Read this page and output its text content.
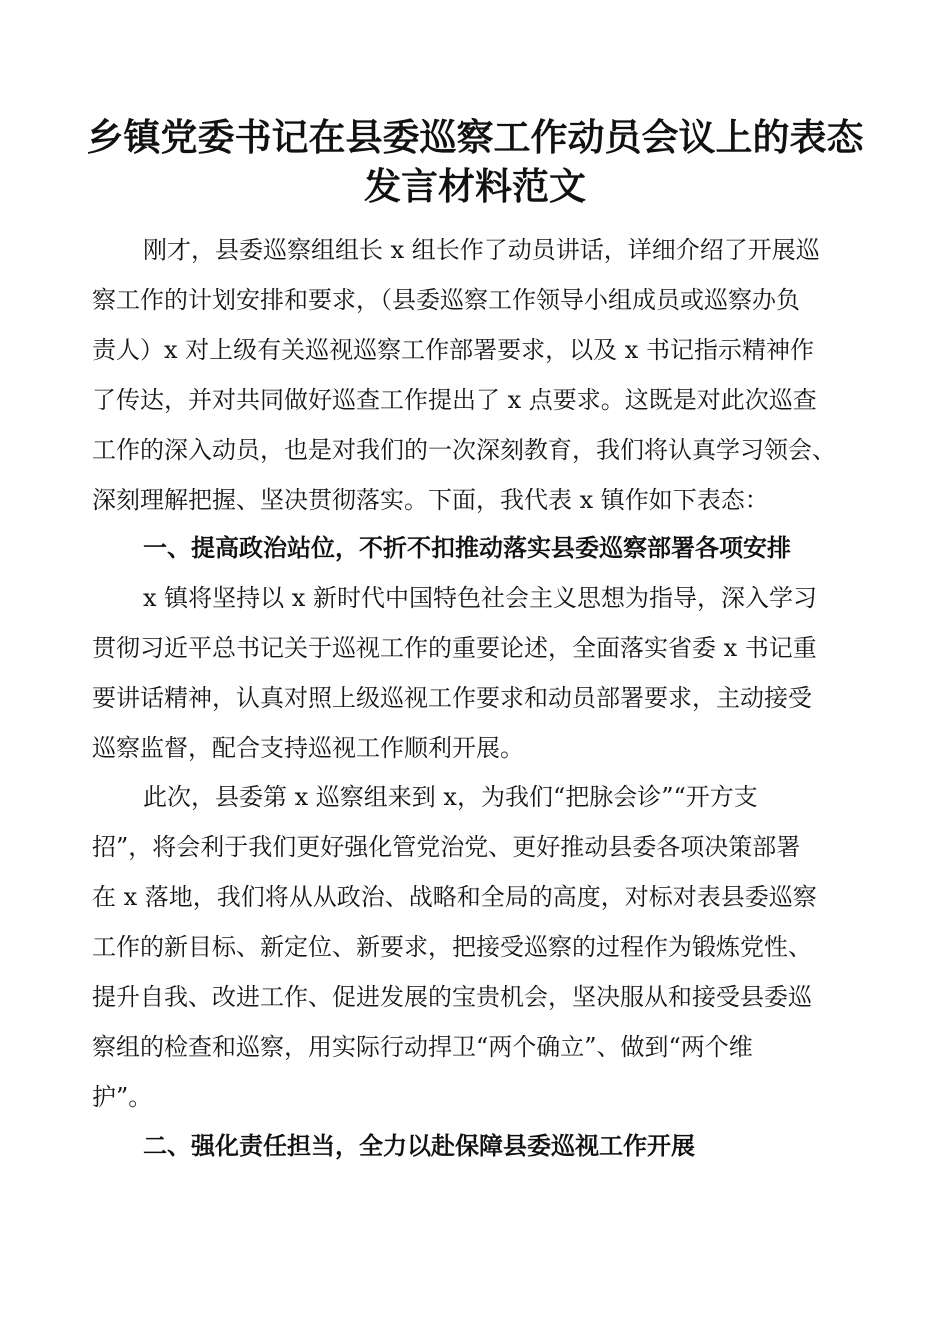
乡镇党委书记在县委巡察工作动员会议上的表态
发言材料范文

刚才，县委巡察组组长 x 组长作了动员讲话，详细介绍了开展巡

察工作的计划安排和要求，（县委巡察工作领导小组成员或巡察办负

责人）x 对上级有关巡视巡察工作部署要求，以及 x 书记指示精神作

了传达，并对共同做好巡查工作提出了 x 点要求。这既是对此次巡查

工作的深入动员，也是对我们的一次深刻教育，我们将认真学习领会、

深刻理解把握、坚决贯彻落实。下面，我代表 x 镇作如下表态：

一、提高政治站位，不折不扣推动落实县委巡察部署各项安排

x 镇将坚持以 x 新时代中国特色社会主义思想为指导，深入学习

贯彻习近平总书记关于巡视工作的重要论述，全面落实省委 x 书记重

要讲话精神，认真对照上级巡视工作要求和动员部署要求，主动接受

巡察监督，配合支持巡视工作顺利开展。

此次，县委第 x 巡察组来到 x，为我们“把脉会诊”“开方支

招”，将会利于我们更好强化管党治党、更好推动县委各项决策部署

在 x 落地，我们将从从政治、战略和全局的高度，对标对表县委巡察

工作的新目标、新定位、新要求，把接受巡察的过程作为锻炼党性、

提升自我、改进工作、促进发展的宝贵机会，坚决服从和接受县委巡

察组的检查和巡察，用实际行动捍卫“两个确立”、做到“两个维

护”。

二、强化责任担当，全力以赴保障县委巡视工作开展
